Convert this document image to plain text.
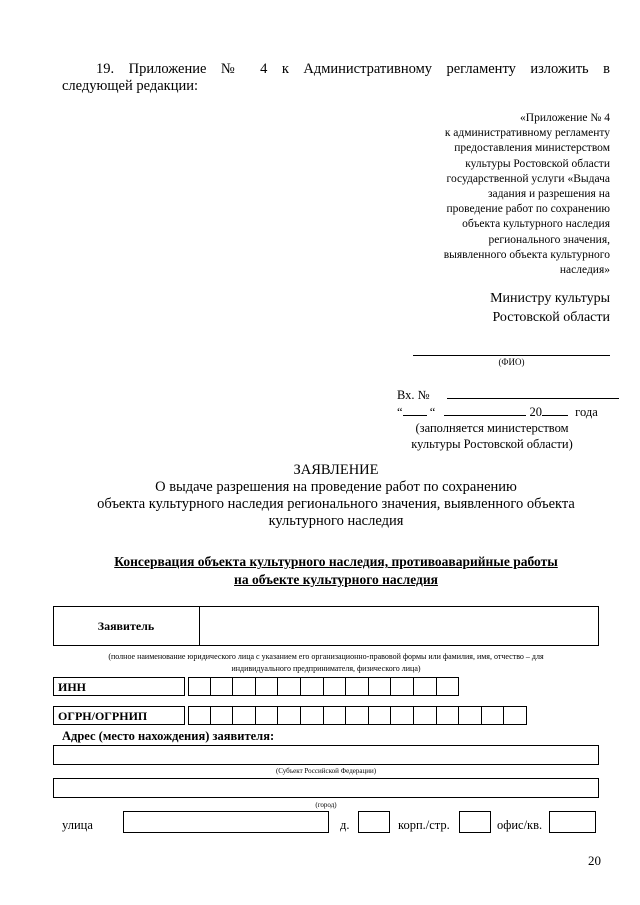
19. Приложение № 4 к Административному регламенту изложить в
следующей редакции:
«Приложение № 4
к административному регламенту
предоставления министерством
культуры Ростовской области
государственной услуги «Выдача
задания и разрешения на
проведение работ по сохранению
объекта культурного наследия
регионального значения,
выявленного объекта культурного
наследия»
Министру культуры
Ростовской области
(ФИО)
Вх. №
“ “	20	года
(заполняется министерством
культуры Ростовской области)
ЗАЯВЛЕНИЕ
О выдаче разрешения на проведение работ по сохранению
объекта культурного наследия регионального значения, выявленного объекта
культурного наследия
Консервация объекта культурного наследия, противоаварийные работы
на объекте культурного наследия
Заявитель
(полное наименование юридического лица с указанием его организационно-правовой формы или фамилия, имя, отчество – для
индивидуального предпринимателя, физического лица)
ИНН
ОГРН/ОГРНИП
Адрес (место нахождения) заявителя:
(Субъект Российской Федерации)
(город)
улица	д.	корп./стр.	офис/кв.
20
